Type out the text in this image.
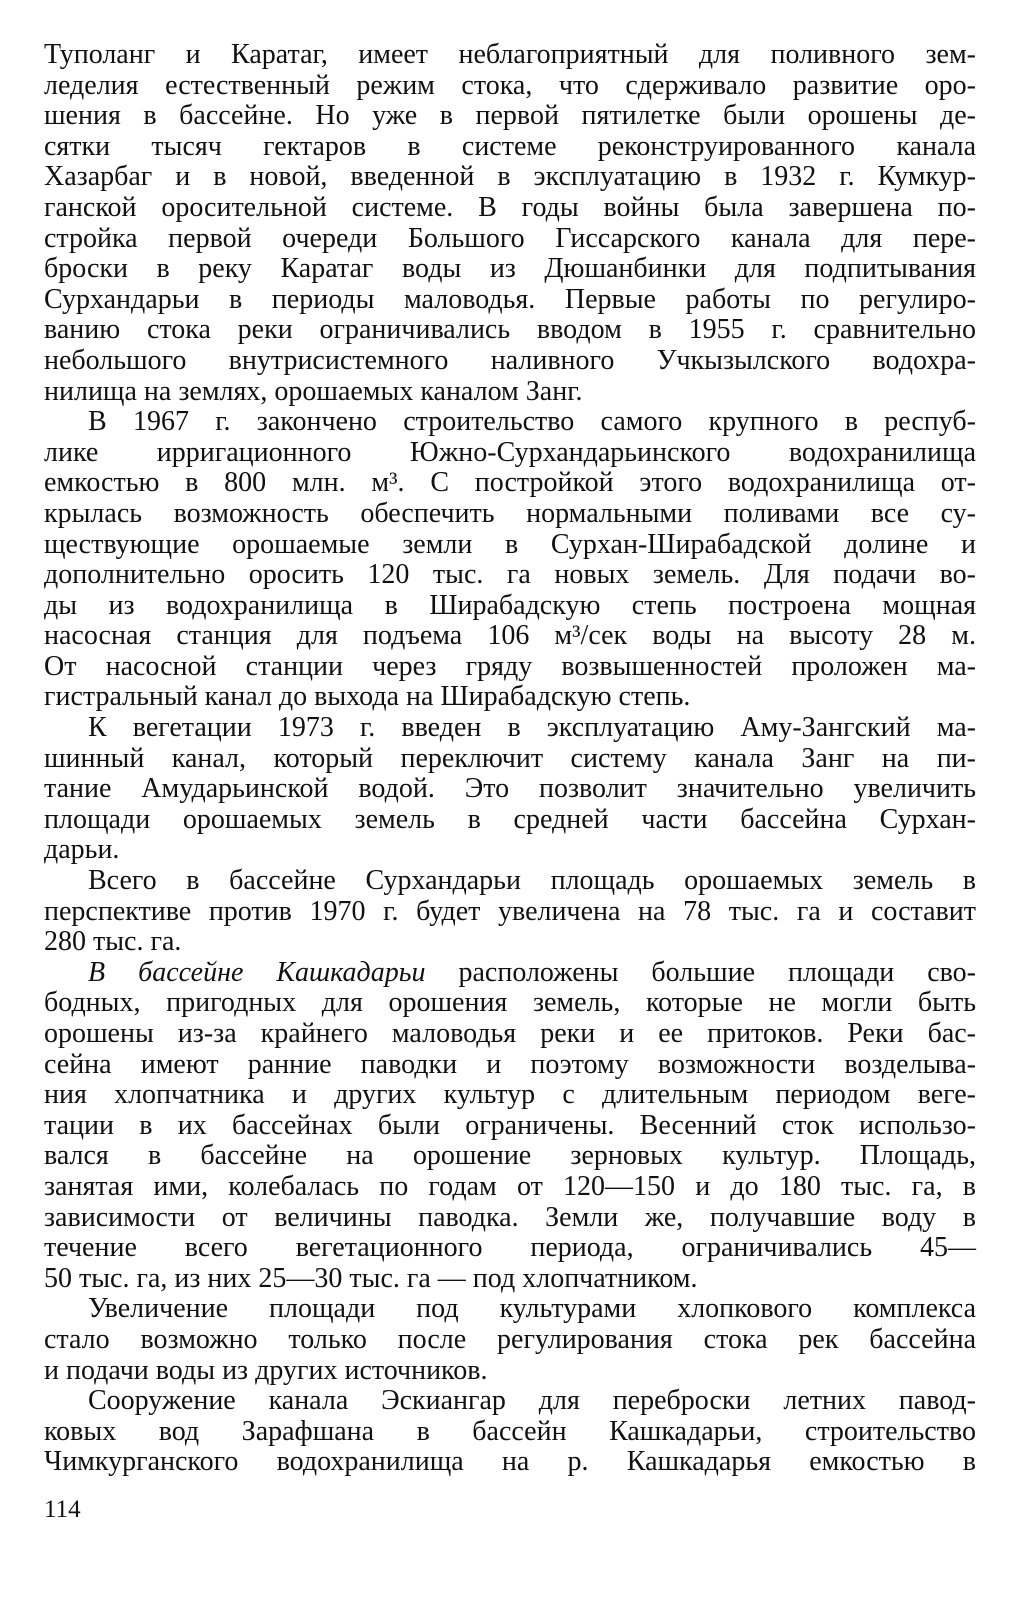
Туполанг и Каратаг, имеет неблагоприятный для поливного зем-
леделия естественный режим стока, что сдерживало развитие оро-
шения в бассейне. Но уже в первой пятилетке были орошены де-
сятки тысяч гектаров в системе реконструированного канала
Хазарбаг и в новой, введенной в эксплуатацию в 1932 г. Кумкур-
ганской оросительной системе. В годы войны была завершена по-
стройка первой очереди Большого Гиссарского канала для пере-
броски в реку Каратаг воды из Дюшанбинки для подпитывания
Сурхандарьи в периоды маловодья. Первые работы по регулиро-
ванию стока реки ограничивались вводом в 1955 г. сравнительно
небольшого внутрисистемного наливного Учкызылского водохра-
нилища на землях, орошаемых каналом Занг.

В 1967 г. закончено строительство самого крупного в респуб-
лике ирригационного Южно-Сурхандарьинского водохранилища
емкостью в 800 млн. м³. С постройкой этого водохранилища от-
крылась возможность обеспечить нормальными поливами все су-
ществующие орошаемые земли в Сурхан-Ширабадской долине и
дополнительно оросить 120 тыс. га новых земель. Для подачи во-
ды из водохранилища в Ширабадскую степь построена мощная
насосная станция для подъема 106 м³/сек воды на высоту 28 м.
От насосной станции через гряду возвышенностей проложен ма-
гистральный канал до выхода на Ширабадскую степь.

К вегетации 1973 г. введен в эксплуатацию Аму-Зангский ма-
шинный канал, который переключит систему канала Занг на пи-
тание Амударьинской водой. Это позволит значительно увеличить
площади орошаемых земель в средней части бассейна Сурхан-
дарьи.

Всего в бассейне Сурхандарьи площадь орошаемых земель в
перспективе против 1970 г. будет увеличена на 78 тыс. га и составит
280 тыс. га.

В бассейне Кашкадарьи расположены большие площади сво-
бодных, пригодных для орошения земель, которые не могли быть
орошены из-за крайнего маловодья реки и ее притоков. Реки бас-
сейна имеют ранние паводки и поэтому возможности возделыва-
ния хлопчатника и других культур с длительным периодом веге-
тации в их бассейнах были ограничены. Весенний сток использо-
вался в бассейне на орошение зерновых культур. Площадь,
занятая ими, колебалась по годам от 120—150 и до 180 тыс. га, в
зависимости от величины паводка. Земли же, получавшие воду в
течение всего вегетационного периода, ограничивались 45—
50 тыс. га, из них 25—30 тыс. га — под хлопчатником.

Увеличение площади под культурами хлопкового комплекса
стало возможно только после регулирования стока рек бассейна
и подачи воды из других источников.

Сооружение канала Эскиангар для переброски летних павод-
ковых вод Зарафшана в бассейн Кашкадарьи, строительство
Чимкурганского водохранилища на р. Кашкадарья емкостью в

114
